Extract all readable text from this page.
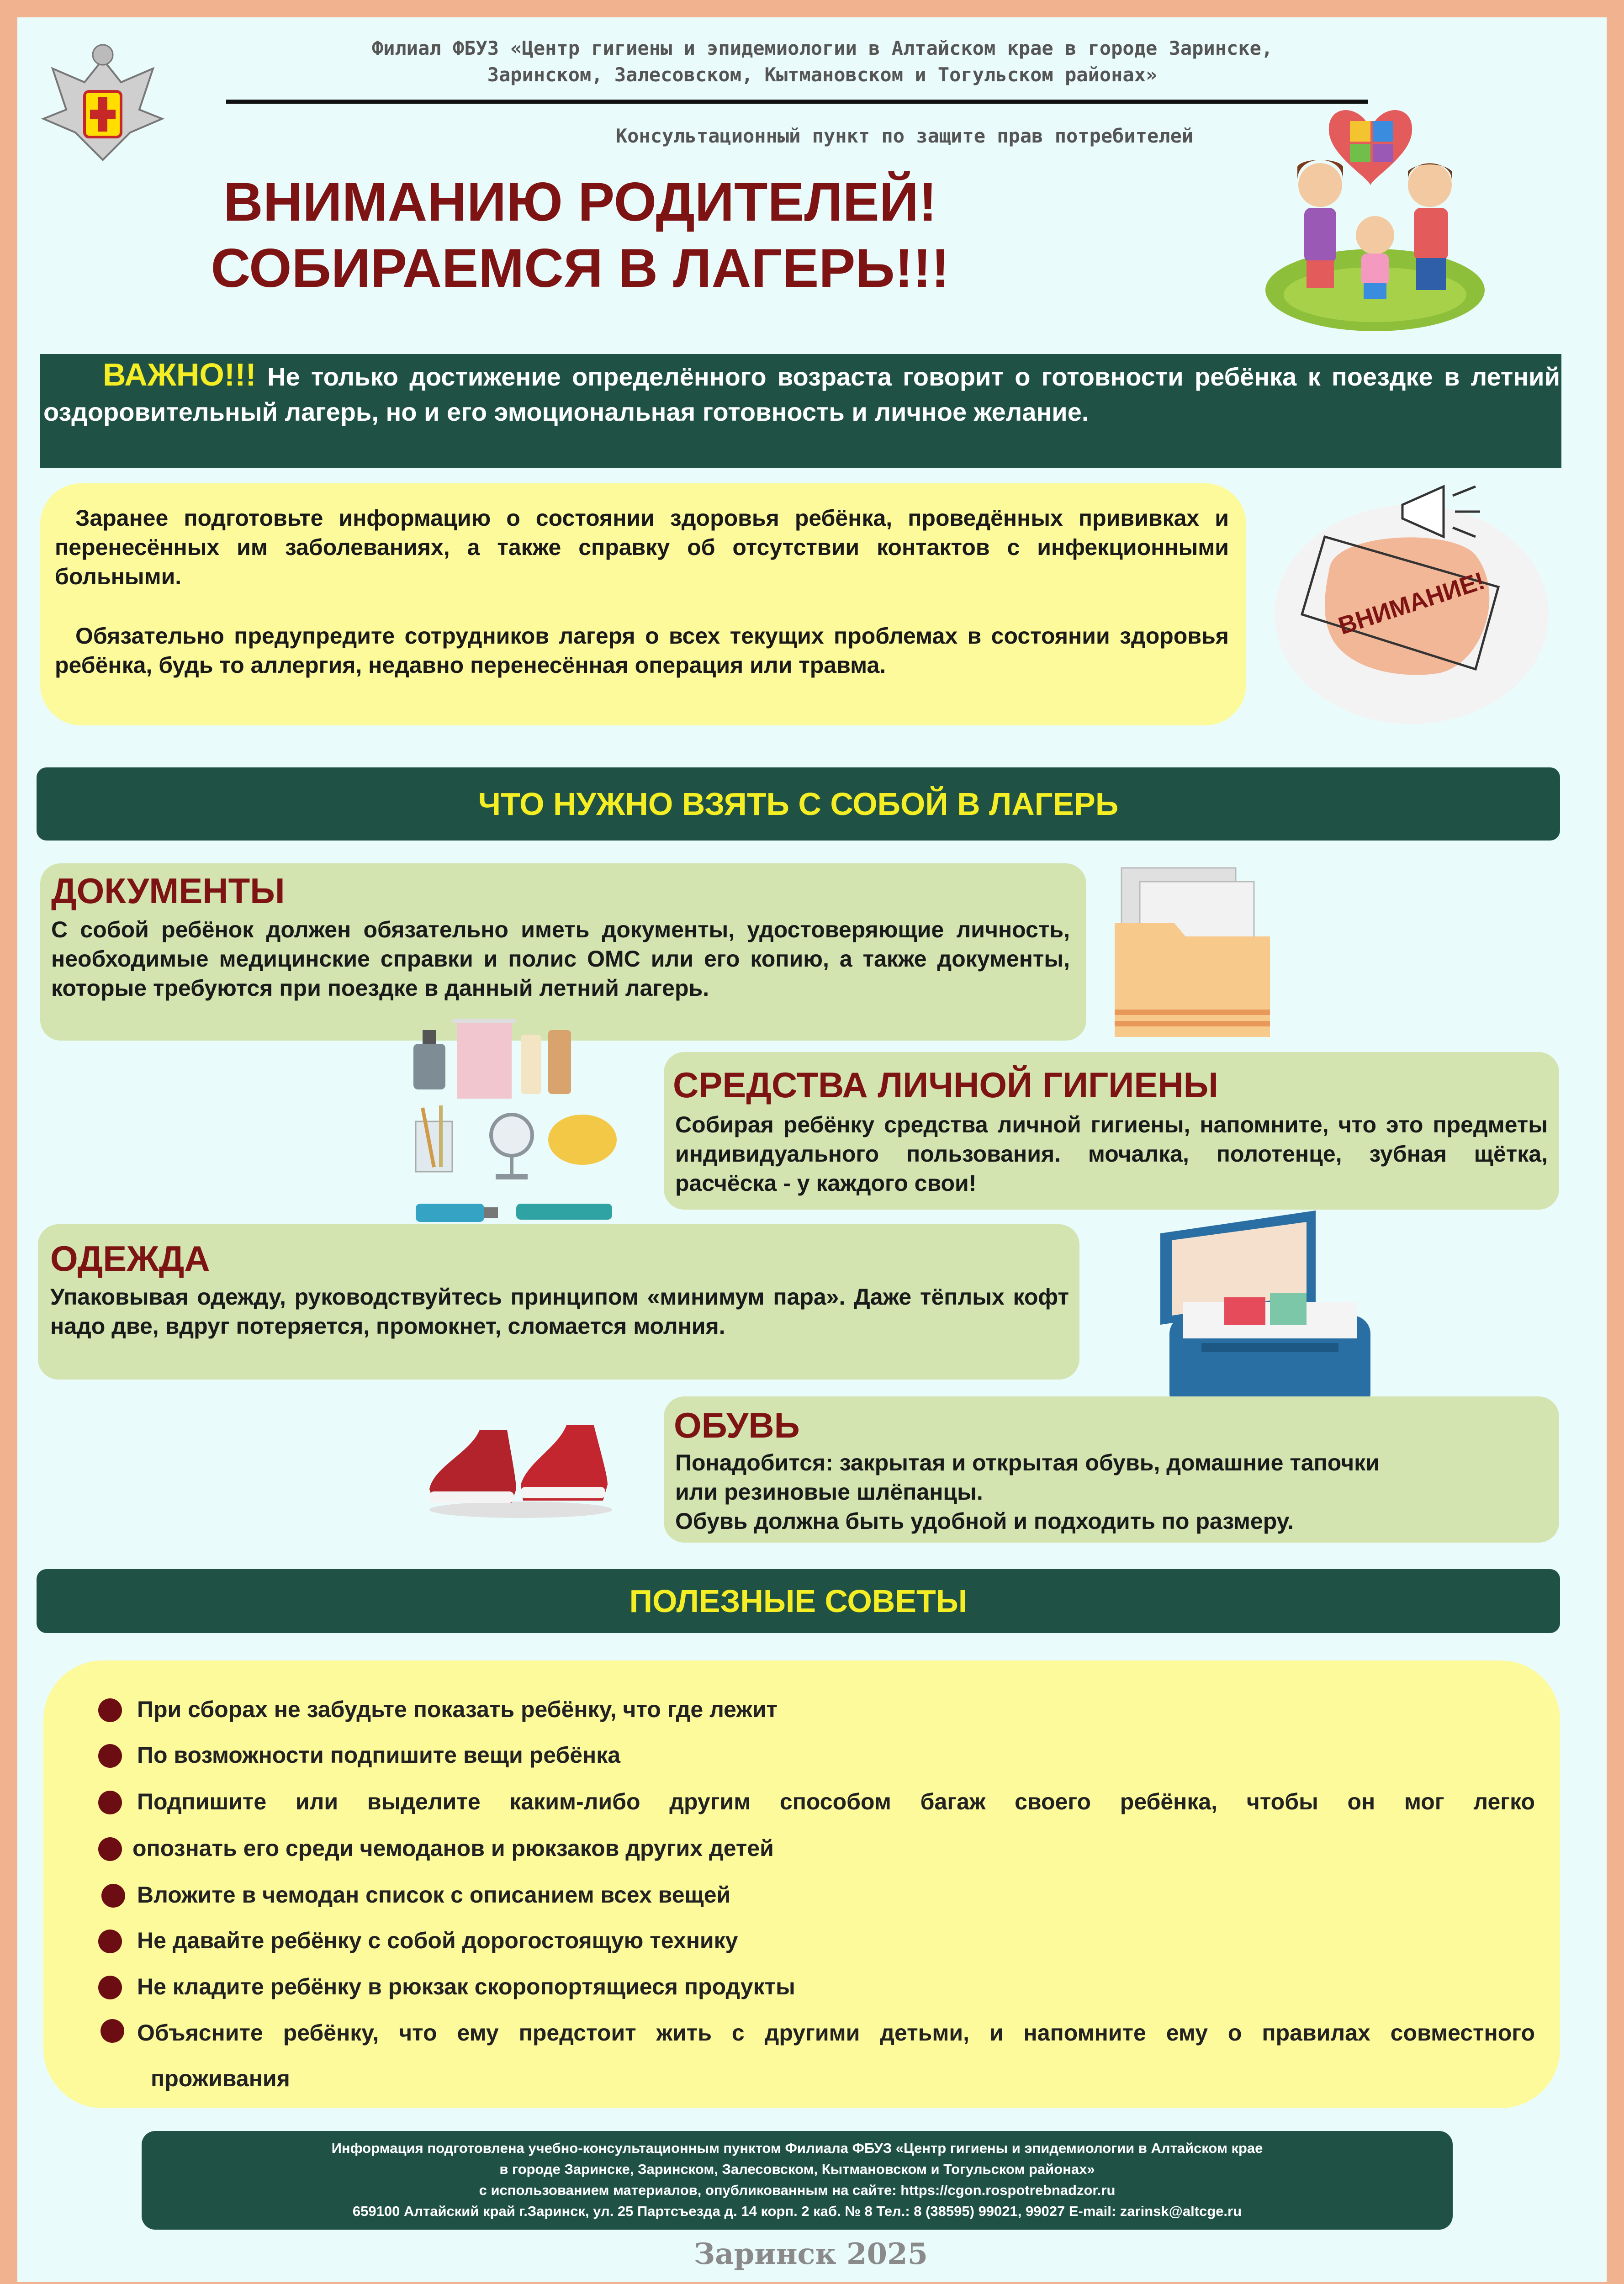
Филиал ФБУЗ «Центр гигиены и эпидемиологии в Алтайском крае в городе Заринске,
Заринском, Залесовском, Кытмановском и Тогульском районах»
Консультационный пункт по защите прав потребителей
ВНИМАНИЮ РОДИТЕЛЕЙ!
СОБИРАЕМСЯ В ЛАГЕРЬ!!!
ВАЖНО!!! Не только достижение определённого возраста говорит о готовности ребёнка к поездке в летний оздоровительный лагерь, но и его эмоциональная готовность и личное желание.
Заранее подготовьте информацию о состоянии здоровья ребёнка, проведённых прививках и перенесённых им заболеваниях, а также справку об отсутствии контактов с инфекционными больными.
Обязательно предупредите сотрудников лагеря о всех текущих проблемах в состоянии здоровья ребёнка, будь то аллергия, недавно перенесённая операция или травма.
ВНИМАНИЕ!
ЧТО НУЖНО ВЗЯТЬ С СОБОЙ В ЛАГЕРЬ
ДОКУМЕНТЫ
С собой ребёнок должен обязательно иметь документы, удостоверяющие личность, необходимые медицинские справки и полис ОМС или его копию, а также документы, которые требуются при поездке в данный летний лагерь.
СРЕДСТВА ЛИЧНОЙ ГИГИЕНЫ
Собирая ребёнку средства личной гигиены, напомните, что это предметы индивидуального пользования. мочалка, полотенце, зубная щётка, расчёска - у каждого свои!
ОДЕЖДА
Упаковывая одежду, руководствуйтесь принципом «минимум пара». Даже тёплых кофт надо две, вдруг потеряется, промокнет, сломается молния.
ОБУВЬ
Понадобится: закрытая и открытая обувь, домашние тапочки
или резиновые шлёпанцы.
Обувь должна быть удобной и подходить по размеру.
ПОЛЕЗНЫЕ СОВЕТЫ
При сборах не забудьте показать ребёнку, что где лежит
По возможности подпишите вещи ребёнка
Подпишите или выделите каким-либо другим способом багаж своего ребёнка, чтобы он мог легко
опознать его среди чемоданов и рюкзаков других детей
Вложите в чемодан список с описанием всех вещей
Не давайте ребёнку с собой дорогостоящую технику
Не кладите ребёнку в рюкзак скоропортящиеся продукты
Объясните ребёнку, что ему предстоит жить с другими детьми, и напомните ему о правилах совместного
проживания
Информация подготовлена учебно-консультационным пунктом Филиала ФБУЗ «Центр гигиены и эпидемиологии в Алтайском крае
в городе Заринске, Заринском, Залесовском, Кытмановском и Тогульском районах»
с использованием материалов, опубликованным на сайте: https://cgon.rospotrebnadzor.ru
659100 Алтайский край г.Заринск, ул. 25 Партсъезда д. 14 корп. 2 каб. № 8 Тел.: 8 (38595) 99021, 99027 E-mail: zarinsk@altcge.ru
Заринск 2025
